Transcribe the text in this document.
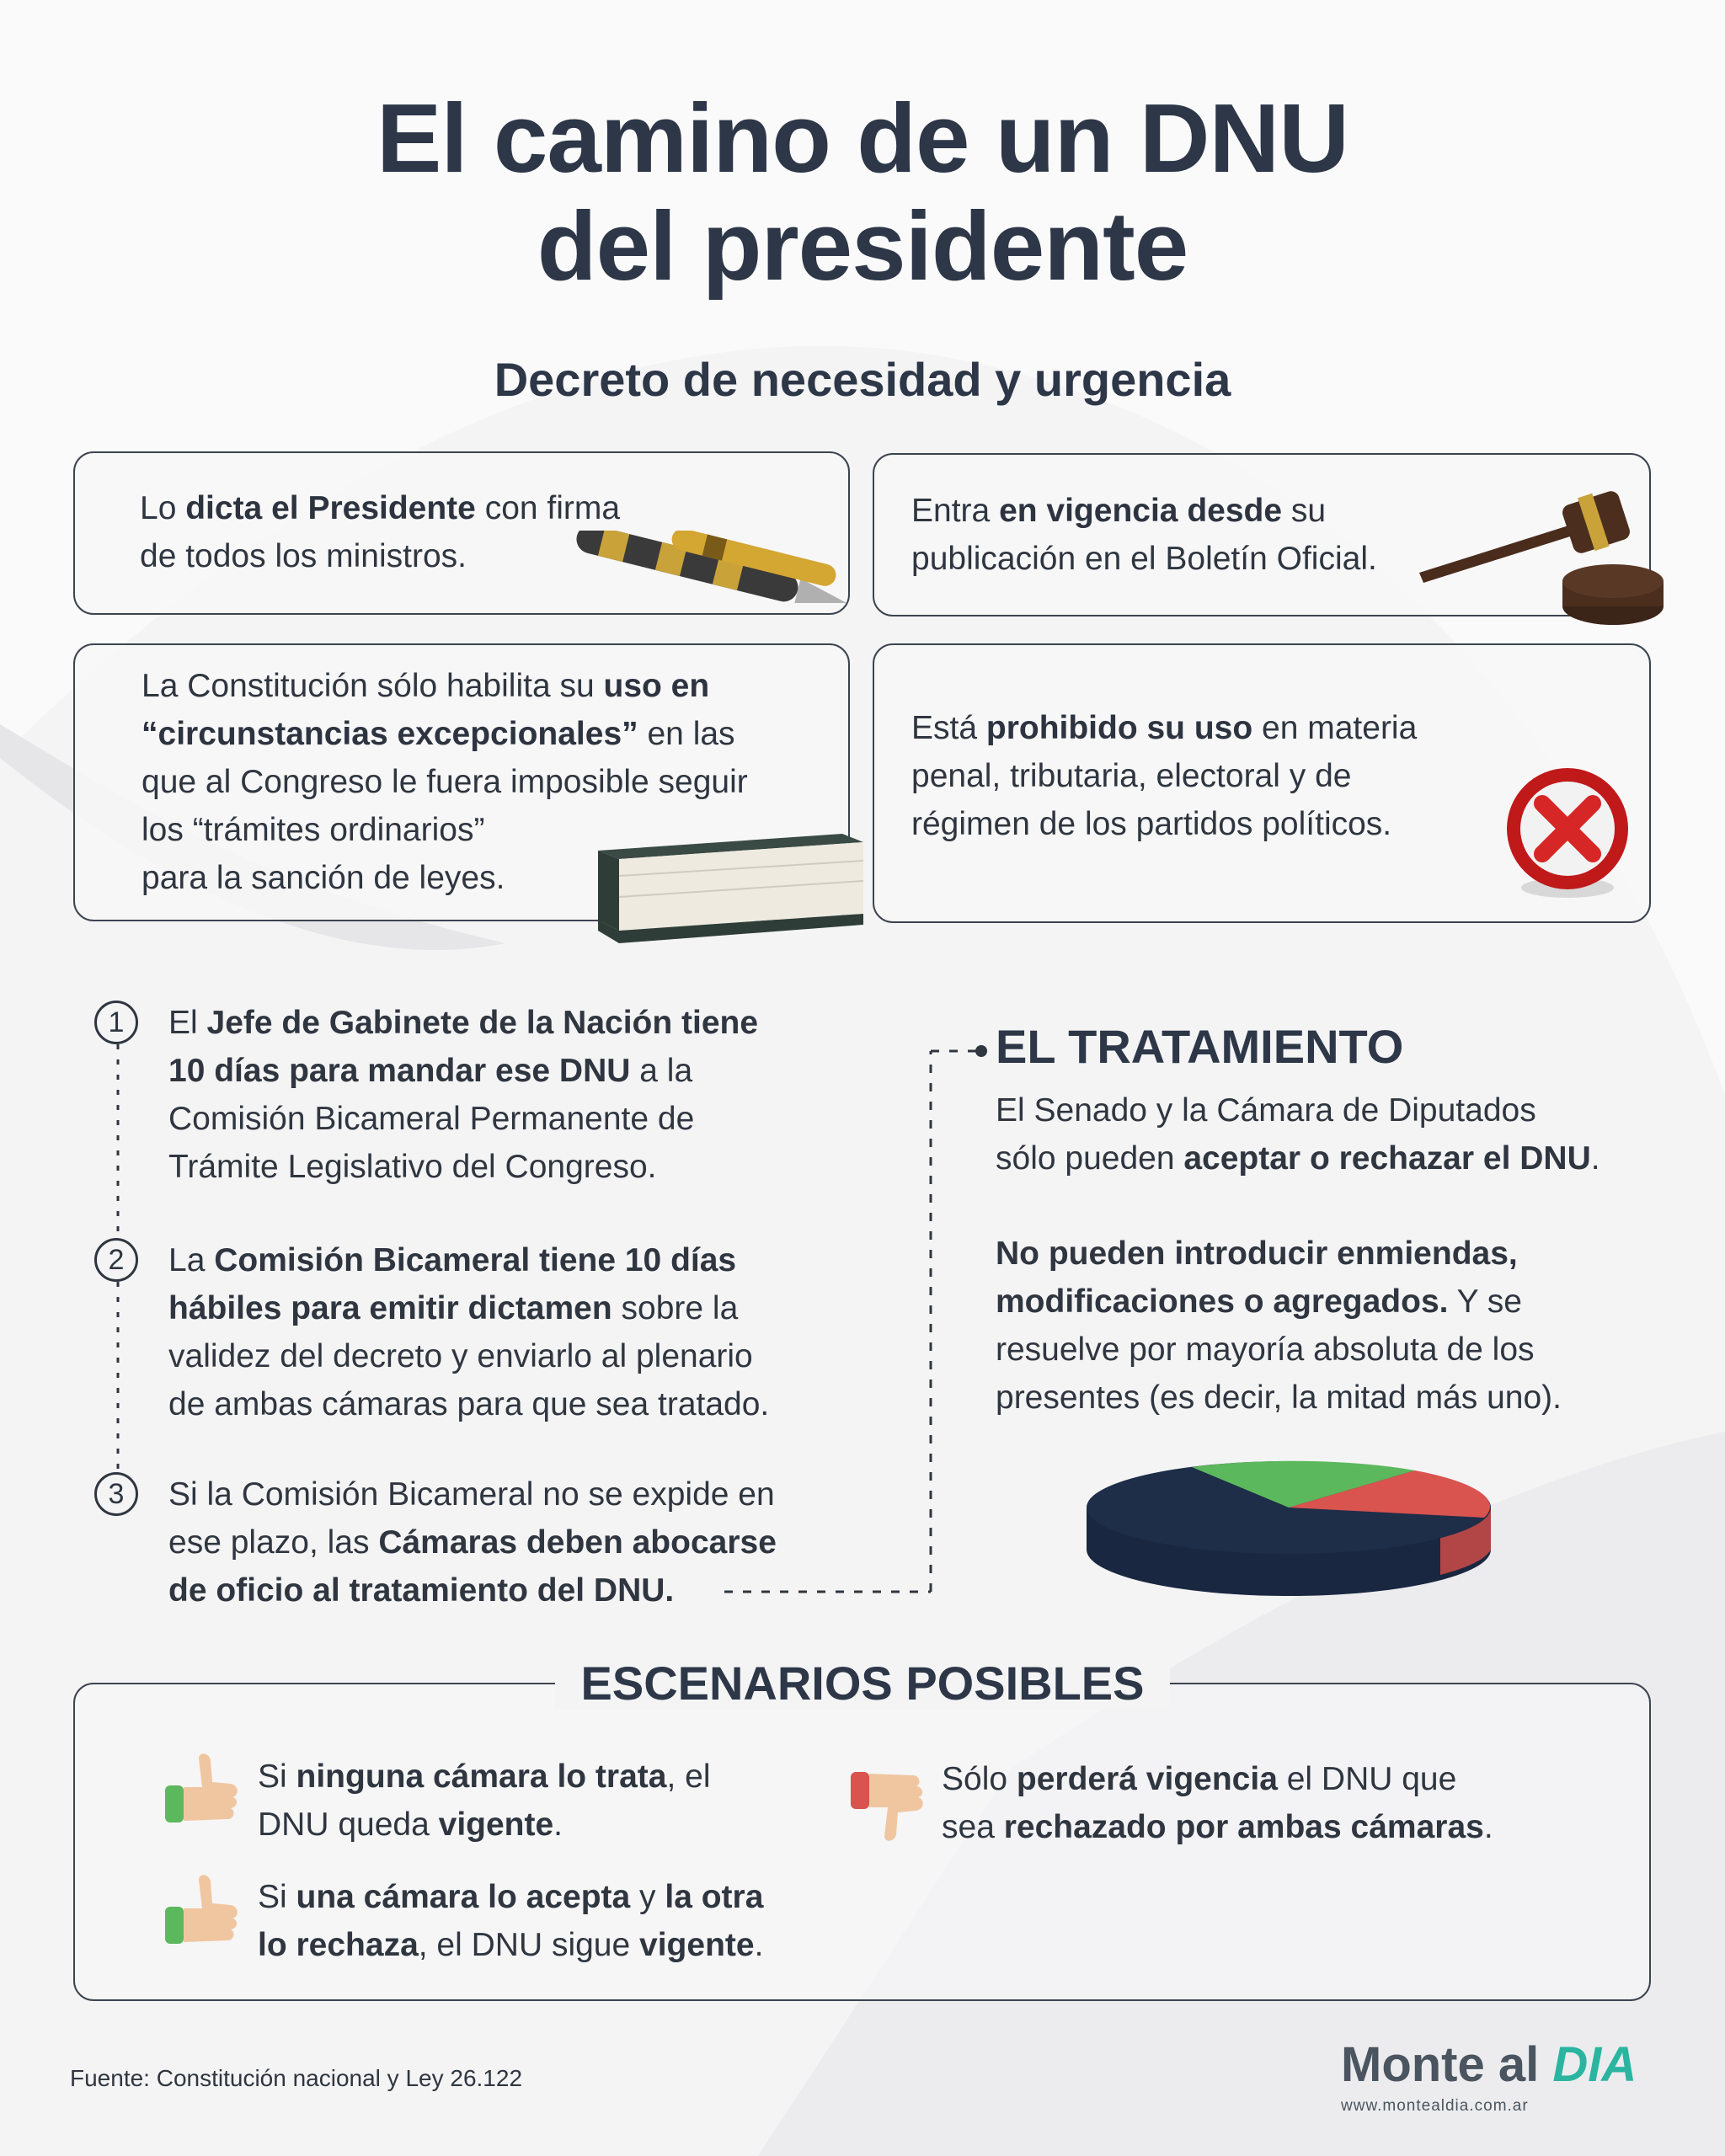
El camino de un DNU
del presidente
Decreto de necesidad y urgencia
Lo dicta el Presidente con firma
de todos los ministros.
Entra en vigencia desde su
publicación en el Boletín Oficial.
La Constitución sólo habilita su uso en
“circunstancias excepcionales” en las
que al Congreso le fuera imposible seguir
los “trámites ordinarios”
para la sanción de leyes.
Está prohibido su uso en materia
penal, tributaria, electoral y de
régimen de los partidos políticos.
1	El Jefe de Gabinete de la Nación tiene
10 días para mandar ese DNU a la
Comisión Bicameral Permanente de
Trámite Legislativo del Congreso.
2	La Comisión Bicameral tiene 10 días
hábiles para emitir dictamen sobre la
validez del decreto y enviarlo al plenario
de ambas cámaras para que sea tratado.
3	Si la Comisión Bicameral no se expide en
ese plazo, las Cámaras deben abocarse
de oficio al tratamiento del DNU.
EL TRATAMIENTO
El Senado y la Cámara de Diputados
sólo pueden aceptar o rechazar el DNU.
No pueden introducir enmiendas,
modificaciones o agregados. Y se
resuelve por mayoría absoluta de los
presentes (es decir, la mitad más uno).
ESCENARIOS POSIBLES
Si ninguna cámara lo trata, el
DNU queda vigente.
Si una cámara lo acepta y la otra
lo rechaza, el DNU sigue vigente.
Sólo perderá vigencia el DNU que
sea rechazado por ambas cámaras.
Fuente: Constitución nacional y Ley 26.122	Monte al DIA
www.montealdia.com.ar
